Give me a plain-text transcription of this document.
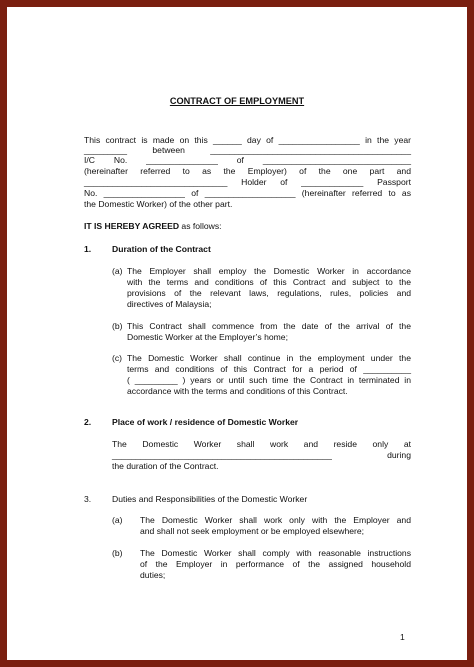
CONTRACT OF EMPLOYMENT
This contract is made on this ______ day of _________________ in the year
_________ between __________________________________________
I/C No. _______________ of _______________________________
(hereinafter referred to as the Employer) of the one part and
______________________________ Holder of _____________ Passport
No. _________________ of ___________________ (hereinafter referred to as
the Domestic Worker) of the other part.
IT IS HEREBY AGREED as follows:
1. Duration of the Contract
(a) The Employer shall employ the Domestic Worker in accordance
with the terms and conditions of this Contract and subject to the
provisions of the relevant laws, regulations, rules, policies and
directives of Malaysia;
(b) This Contract shall commence from the date of the arrival of the
Domestic Worker at the Employer’s home;
(c) The Domestic Worker shall continue in the employment under the
terms and conditions of this Contract for a period of __________
( _________ ) years or until such time the Contract in terminated in
accordance with the terms and conditions of this Contract.
2. Place of work / residence of Domestic Worker
The Domestic Worker shall work and reside only at
______________________________________________ during
the duration of the Contract.
3. Duties and Responsibilities of the Domestic Worker
(a) The Domestic Worker shall work only with the Employer and
and shall not seek employment or be employed elsewhere;
(b) The Domestic Worker shall comply with reasonable instructions
of the Employer in performance of the assigned household
duties;
1
